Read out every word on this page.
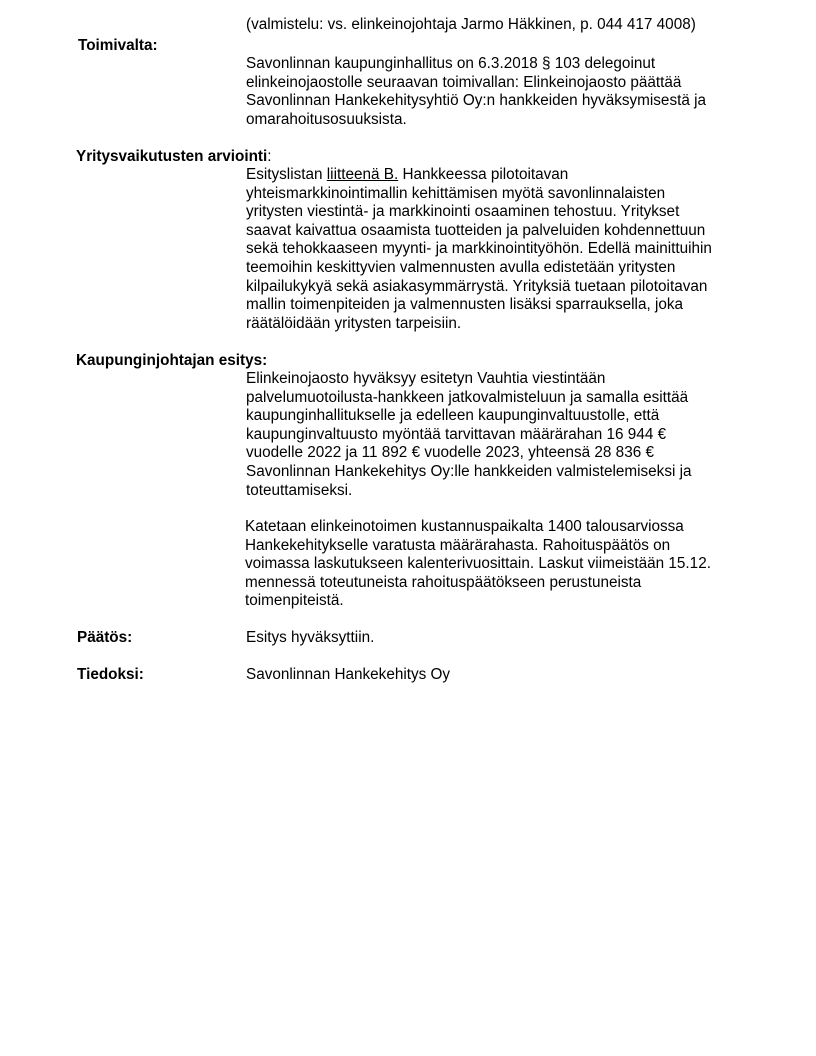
(valmistelu: vs. elinkeinojohtaja Jarmo Häkkinen, p. 044 417 4008)
Toimivalta:
Savonlinnan kaupunginhallitus on 6.3.2018 § 103 delegoinut
elinkeinojaostolle seuraavan toimivallan: Elinkeinojaosto päättää
Savonlinnan Hankekehitysyhtiö Oy:n hankkeiden hyväksymisestä ja
omarahoitusosuuksista.
Yritysvaikutusten arviointi:
Esityslistan liitteenä B. Hankkeessa pilotoitavan
yhteismarkkinointimallin kehittämisen myötä savonlinnalaisten
yritysten viestintä- ja markkinointi osaaminen tehostuu. Yritykset
saavat kaivattua osaamista tuotteiden ja palveluiden kohdennettuun
sekä tehokkaaseen myynti- ja markkinointityöhön. Edellä mainittuihin
teemoihin keskittyvien valmennusten avulla edistetään yritysten
kilpailukykyä sekä asiakasymmärrystä. Yrityksiä tuetaan pilotoitavan
mallin toimenpiteiden ja valmennusten lisäksi sparrauksella, joka
räätälöidään yritysten tarpeisiin.
Kaupunginjohtajan esitys:
Elinkeinojaosto hyväksyy esitetyn Vauhtia viestintään
palvelumuotoilusta-hankkeen jatkovalmisteluun ja samalla esittää
kaupunginhallitukselle ja edelleen kaupunginvaltuustolle, että
kaupunginvaltuusto myöntää tarvittavan määrärahan 16 944 €
vuodelle 2022 ja 11 892 € vuodelle 2023, yhteensä 28 836 €
Savonlinnan Hankekehitys Oy:lle hankkeiden valmistelemiseksi ja
toteuttamiseksi.
Katetaan elinkeinotoimen kustannuspaikalta 1400 talousarviossa
Hankekehitykselle varatusta määrärahasta. Rahoituspäätös on
voimassa laskutukseen kalenterivuosittain. Laskut viimeistään 15.12.
mennessä toteutuneista rahoituspäätökseen perustuneista
toimenpiteistä.
Päätös:	Esitys hyväksyttiin.
Tiedoksi:	Savonlinnan Hankekehitys Oy
